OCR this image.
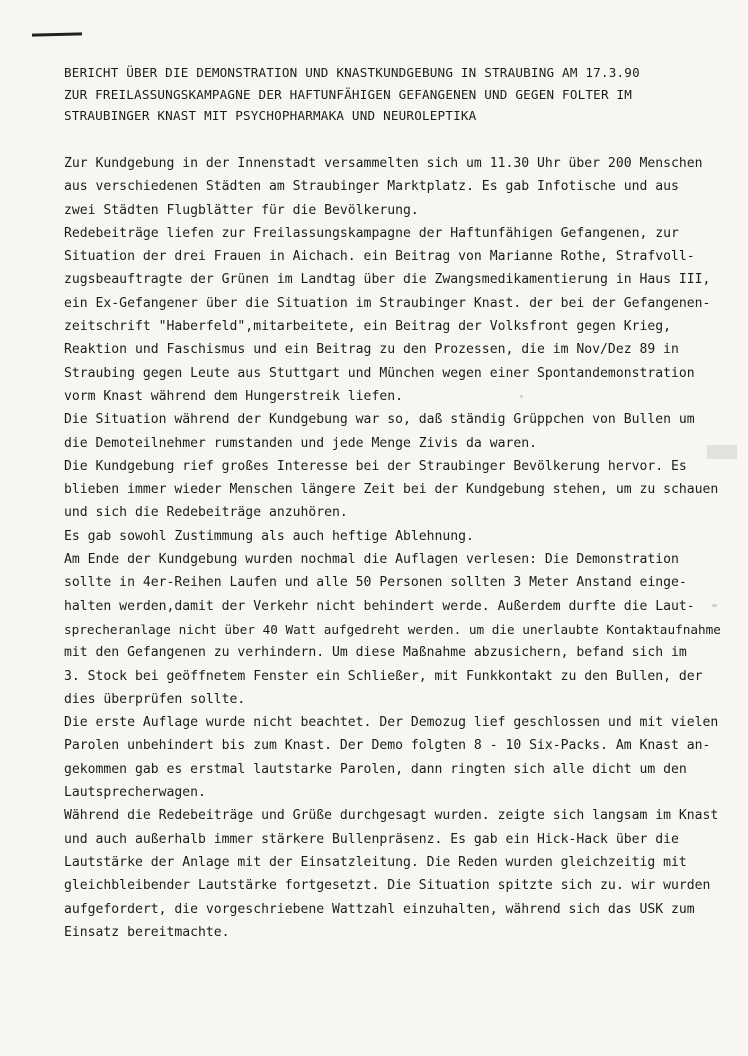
BERICHT ÜBER DIE DEMONSTRATION UND KNASTKUNDGEBUNG IN STRAUBING AM 17.3.90
ZUR FREILASSUNGSKAMPAGNE DER HAFTUNFÄHIGEN GEFANGENEN UND GEGEN FOLTER IM
STRAUBINGER KNAST MIT PSYCHOPHARMAKA UND NEUROLEPTIKA
Zur Kundgebung in der Innenstadt versammelten sich um 11.30 Uhr über 200 Menschen
aus verschiedenen Städten am Straubinger Marktplatz. Es gab Infotische und aus
zwei Städten Flugblätter für die Bevölkerung.
Redebeiträge liefen zur Freilassungskampagne der Haftunfähigen Gefangenen, zur
Situation der drei Frauen in Aichach. ein Beitrag von Marianne Rothe, Strafvoll-
zugsbeauftragte der Grünen im Landtag über die Zwangsmedikamentierung in Haus III,
ein Ex-Gefangener über die Situation im Straubinger Knast. der bei der Gefangenen-
zeitschrift "Haberfeld",mitarbeitete, ein Beitrag der Volksfront gegen Krieg,
Reaktion und Faschismus und ein Beitrag zu den Prozessen, die im Nov/Dez 89 in
Straubing gegen Leute aus Stuttgart und München wegen einer Spontandemonstration
vorm Knast während dem Hungerstreik liefen.
Die Situation während der Kundgebung war so, daß ständig Grüppchen von Bullen um
die Demoteilnehmer rumstanden und jede Menge Zivis da waren.
Die Kundgebung rief großes Interesse bei der Straubinger Bevölkerung hervor. Es
blieben immer wieder Menschen längere Zeit bei der Kundgebung stehen, um zu schauen
und sich die Redebeiträge anzuhören.
Es gab sowohl Zustimmung als auch heftige Ablehnung.
Am Ende der Kundgebung wurden nochmal die Auflagen verlesen: Die Demonstration
sollte in 4er-Reihen Laufen und alle 50 Personen sollten 3 Meter Anstand einge-
halten werden,damit der Verkehr nicht behindert werde. Außerdem durfte die Laut-
sprecheranlage nicht über 40 Watt aufgedreht werden. um die unerlaubte Kontaktaufnahme
mit den Gefangenen zu verhindern. Um diese Maßnahme abzusichern, befand sich im
3. Stock bei geöffnetem Fenster ein Schließer, mit Funkkontakt zu den Bullen, der
dies überprüfen sollte.
Die erste Auflage wurde nicht beachtet. Der Demozug lief geschlossen und mit vielen
Parolen unbehindert bis zum Knast. Der Demo folgten 8 - 10 Six-Packs. Am Knast an-
gekommen gab es erstmal lautstarke Parolen, dann ringten sich alle dicht um den
Lautsprecherwagen.
Während die Redebeiträge und Grüße durchgesagt wurden. zeigte sich langsam im Knast
und auch außerhalb immer stärkere Bullenpräsenz. Es gab ein Hick-Hack über die
Lautstärke der Anlage mit der Einsatzleitung. Die Reden wurden gleichzeitig mit
gleichbleibender Lautstärke fortgesetzt. Die Situation spitzte sich zu. wir wurden
aufgefordert, die vorgeschriebene Wattzahl einzuhalten, während sich das USK zum
Einsatz bereitmachte.
